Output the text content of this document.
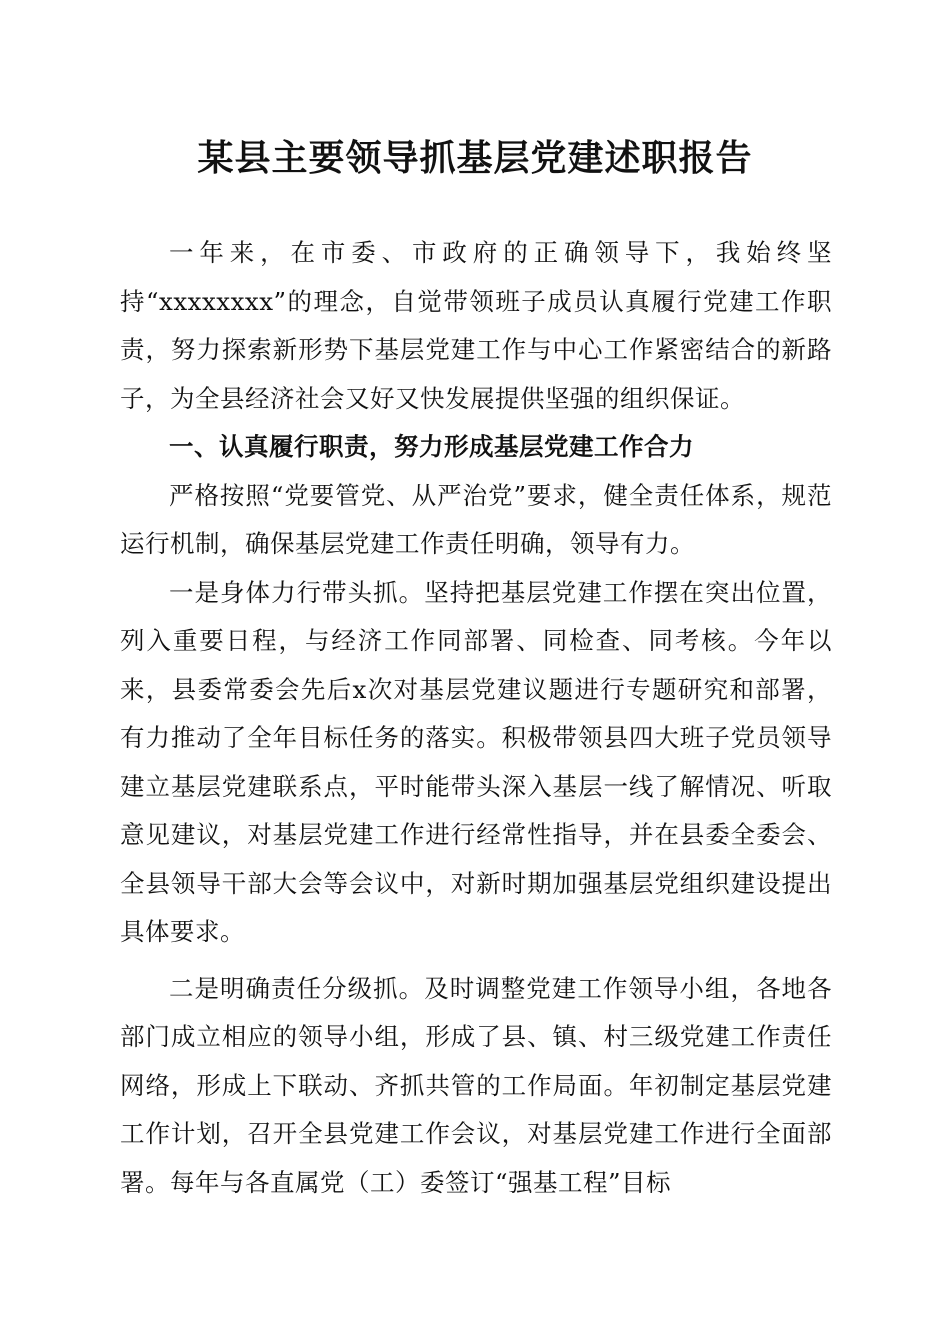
某县主要领导抓基层党建述职报告

一年来，在市委、市政府的正确领导下，我始终坚持“xxxxxxxx”的理念，自觉带领班子成员认真履行党建工作职责，努力探索新形势下基层党建工作与中心工作紧密结合的新路子，为全县经济社会又好又快发展提供坚强的组织保证。

一、认真履行职责，努力形成基层党建工作合力

严格按照“党要管党、从严治党”要求，健全责任体系，规范运行机制，确保基层党建工作责任明确，领导有力。

一是身体力行带头抓。坚持把基层党建工作摆在突出位置，列入重要日程，与经济工作同部署、同检查、同考核。今年以来，县委常委会先后x次对基层党建议题进行专题研究和部署，有力推动了全年目标任务的落实。积极带领县四大班子党员领导建立基层党建联系点，平时能带头深入基层一线了解情况、听取意见建议，对基层党建工作进行经常性指导，并在县委全委会、全县领导干部大会等会议中，对新时期加强基层党组织建设提出具体要求。

二是明确责任分级抓。及时调整党建工作领导小组，各地各部门成立相应的领导小组，形成了县、镇、村三级党建工作责任网络，形成上下联动、齐抓共管的工作局面。年初制定基层党建工作计划，召开全县党建工作会议，对基层党建工作进行全面部署。每年与各直属党（工）委签订“强基工程”目标
